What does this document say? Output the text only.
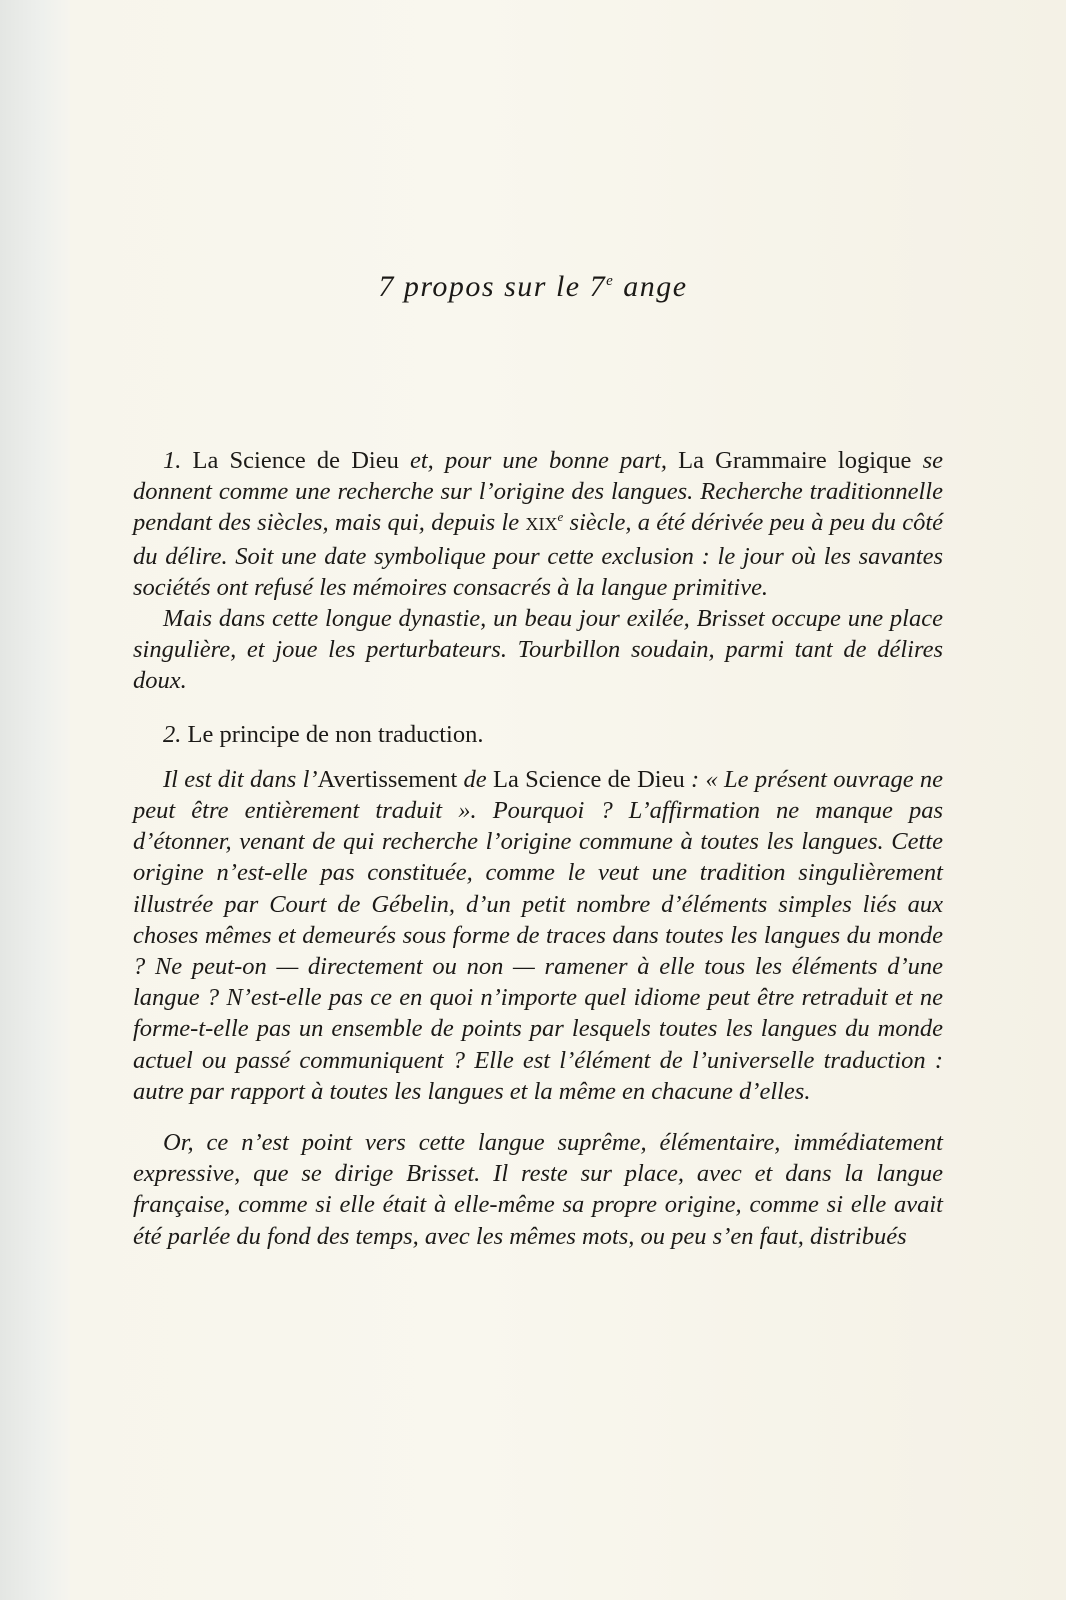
7 propos sur le 7e ange

1. La Science de Dieu et, pour une bonne part, La Grammaire logique se donnent comme une recherche sur l’origine des langues. Recherche traditionnelle pendant des siècles, mais qui, depuis le XIXe siècle, a été dérivée peu à peu du côté du délire. Soit une date symbolique pour cette exclusion : le jour où les savantes sociétés ont refusé les mémoires consacrés à la langue primitive.

Mais dans cette longue dynastie, un beau jour exilée, Brisset occupe une place singulière, et joue les perturbateurs. Tourbillon soudain, parmi tant de délires doux.

2. Le principe de non traduction.

Il est dit dans l’Avertissement de La Science de Dieu : « Le présent ouvrage ne peut être entièrement traduit ». Pourquoi ? L’affirmation ne manque pas d’étonner, venant de qui recherche l’origine commune à toutes les langues. Cette origine n’est-elle pas constituée, comme le veut une tradition singulièrement illustrée par Court de Gébelin, d’un petit nombre d’éléments simples liés aux choses mêmes et demeurés sous forme de traces dans toutes les langues du monde ? Ne peut-on — directement ou non — ramener à elle tous les éléments d’une langue ? N’est-elle pas ce en quoi n’importe quel idiome peut être retraduit et ne forme-t-elle pas un ensemble de points par lesquels toutes les langues du monde actuel ou passé communiquent ? Elle est l’élément de l’universelle traduction : autre par rapport à toutes les langues et la même en chacune d’elles.

Or, ce n’est point vers cette langue suprême, élémentaire, immédiatement expressive, que se dirige Brisset. Il reste sur place, avec et dans la langue française, comme si elle était à elle-même sa propre origine, comme si elle avait été parlée du fond des temps, avec les mêmes mots, ou peu s’en faut, distribués
